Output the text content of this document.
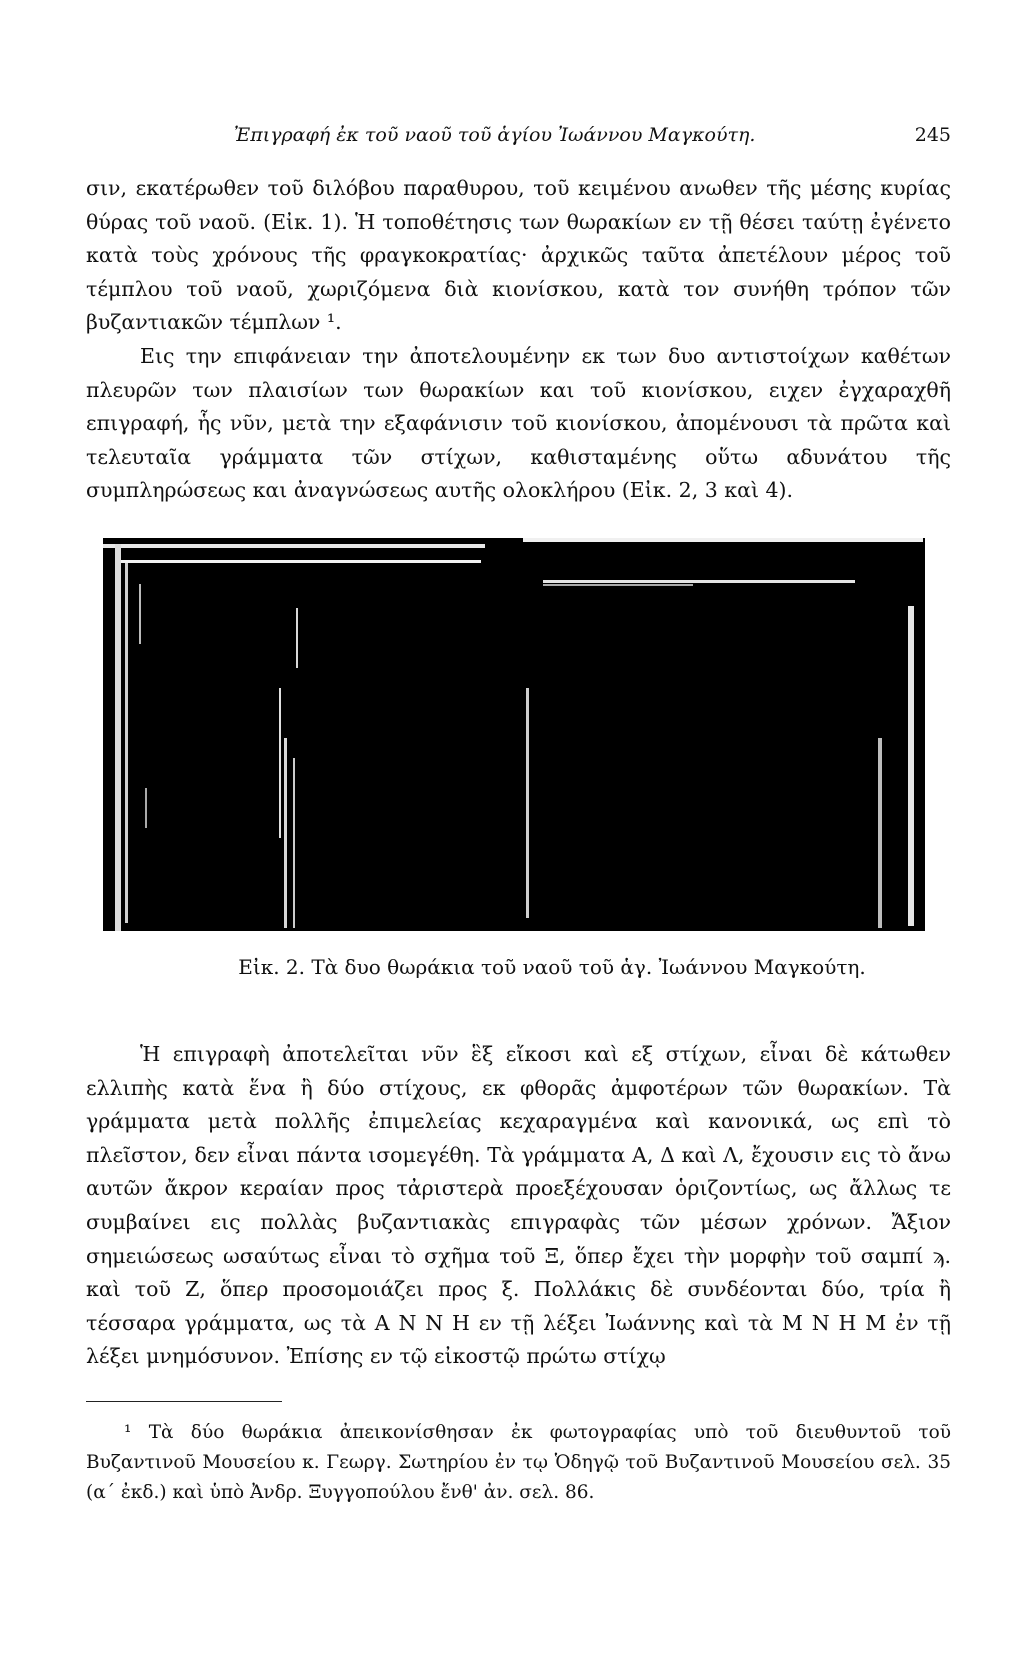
Ἐπιγραφή ἐκ τοῦ ναοῦ τοῦ ἁγίου Ἰωάννου Μαγκούτη.	245

σιν, εκατέρωθεν τοῦ διλόβου παραθυρου, τοῦ κειμένου ανωθεν τῆς μέσης κυρίας θύρας τοῦ ναοῦ. (Εἰκ. 1). Ἡ τοποθέτησις των θωρακίων εν τῇ θέσει ταύτῃ ἐγένετο κατὰ τοὺς χρόνους τῆς φραγκοκρατίας· ἀρχικῶς ταῦτα ἀπετέλουν μέρος τοῦ τέμπλου τοῦ ναοῦ, χωριζόμενα διὰ κιονίσκου, κατὰ τον συνήθη τρόπον τῶν βυζαντιακῶν τέμπλων ¹.

Εις την επιφάνειαν την ἀποτελουμένην εκ των δυο αντιστοίχων καθέτων πλευρῶν των πλαισίων των θωρακίων και τοῦ κιονίσκου, ειχεν ἐγχαραχθῆ επιγραφή, ἧς νῦν, μετὰ την εξαφάνισιν τοῦ κιονίσκου, ἀπομένουσι τὰ πρῶτα καὶ τελευταῖα γράμματα τῶν στίχων, καθισταμένης οὕτω αδυνάτου τῆς συμπληρώσεως και ἀναγνώσεως αυτῆς ολοκλήρου (Εἰκ. 2, 3 καὶ 4).

Εἰκ. 2. Τὰ δυο θωράκια τοῦ ναοῦ τοῦ ἁγ. Ἰωάννου Μαγκούτη.

Ἡ επιγραφὴ ἀποτελεῖται νῦν ἓξ εἴκοσι καὶ εξ στίχων, εἶναι δὲ κάτωθεν ελλιπὴς κατὰ ἕνα ἢ δύο στίχους, εκ φθορᾶς ἀμφοτέρων τῶν θωρακίων. Τὰ γράμματα μετὰ πολλῆς ἐπιμελείας κεχαραγμένα καὶ κανονικά, ως επὶ τὸ πλεῖστον, δεν εἶναι πάντα ισομεγέθη. Τὰ γράμματα Α, Δ καὶ Λ, ἔχουσιν εις τὸ ἄνω αυτῶν ἄκρον κεραίαν προς τἀριστερὰ προεξέχουσαν ὁριζοντίως, ως ἄλλως τε συμβαίνει εις πολλὰς βυζαντιακὰς επιγραφὰς τῶν μέσων χρόνων. Ἄξιον σημειώσεως ωσαύτως εἶναι τὸ σχῆμα τοῦ Ξ, ὅπερ ἔχει τὴν μορφὴν τοῦ σαμπί ϡ. καὶ τοῦ Ζ, ὅπερ προσομοιάζει προς ξ. Πολλάκις δὲ συνδέονται δύο, τρία ἢ τέσσαρα γράμματα, ως τὰ Α Ν Ν Η εν τῇ λέξει Ἰωάννης καὶ τὰ Μ Ν Η Μ ἐν τῇ λέξει μνημόσυνον. Ἐπίσης εν τῷ εἰκοστῷ πρώτω στίχῳ

¹ Τὰ δύο θωράκια ἀπεικονίσθησαν ἐκ φωτογραφίας υπὸ τοῦ διευθυντοῦ τοῦ Βυζαντινοῦ Μουσείου κ. Γεωργ. Σωτηρίου ἐν τῳ Ὁδηγῷ τοῦ Βυζαντινοῦ Μουσείου σελ. 35 (α΄ ἐκδ.) καὶ ὑπὸ Ἀνδρ. Ξυγγοπούλου ἔνθ' ἀν. σελ. 86.
